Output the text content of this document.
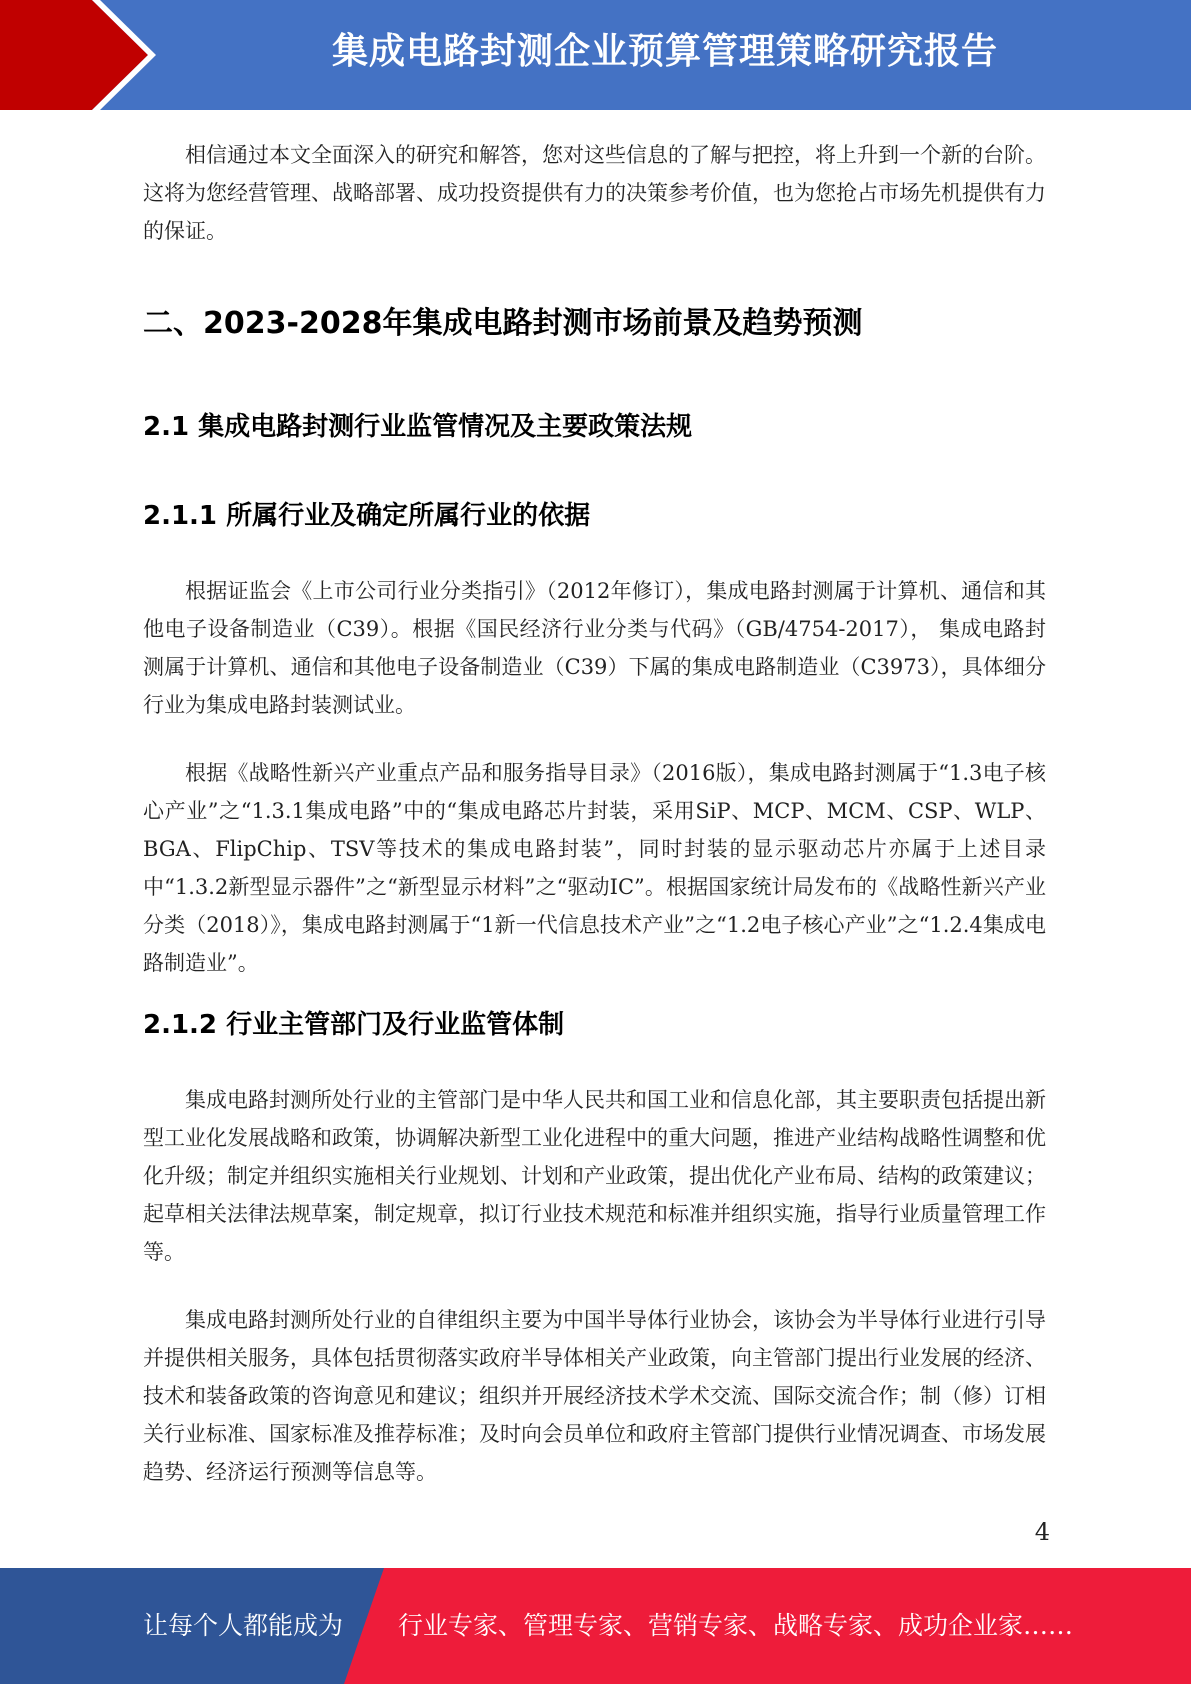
集成电路封测企业预算管理策略研究报告

相信通过本文全面深入的研究和解答，您对这些信息的了解与把控，将上升到一个新的台阶。这将为您经营管理、战略部署、成功投资提供有力的决策参考价值，也为您抢占市场先机提供有力的保证。

二、2023-2028年集成电路封测市场前景及趋势预测
2.1 集成电路封测行业监管情况及主要政策法规
2.1.1 所属行业及确定所属行业的依据

根据证监会《上市公司行业分类指引》（2012年修订），集成电路封测属于计算机、通信和其他电子设备制造业（C39）。根据《国民经济行业分类与代码》（GB/4754-2017）， 集成电路封测属于计算机、通信和其他电子设备制造业（C39）下属的集成电路制造业（C3973），具体细分行业为集成电路封装测试业。

根据《战略性新兴产业重点产品和服务指导目录》（2016版），集成电路封测属于“1.3电子核心产业”之“1.3.1集成电路”中的“集成电路芯片封装，采用SiP、MCP、MCM、CSP、WLP、BGA、FlipChip、TSV等技术的集成电路封装”，同时封装的显示驱动芯片亦属于上述目录中“1.3.2新型显示器件”之“新型显示材料”之“驱动IC”。根据国家统计局发布的《战略性新兴产业分类（2018）》，集成电路封测属于“1新一代信息技术产业”之“1.2电子核心产业”之“1.2.4集成电路制造业”。

2.1.2 行业主管部门及行业监管体制

集成电路封测所处行业的主管部门是中华人民共和国工业和信息化部，其主要职责包括提出新型工业化发展战略和政策，协调解决新型工业化进程中的重大问题，推进产业结构战略性调整和优化升级；制定并组织实施相关行业规划、计划和产业政策，提出优化产业布局、结构的政策建议；起草相关法律法规草案，制定规章，拟订行业技术规范和标准并组织实施，指导行业质量管理工作等。

集成电路封测所处行业的自律组织主要为中国半导体行业协会，该协会为半导体行业进行引导并提供相关服务，具体包括贯彻落实政府半导体相关产业政策，向主管部门提出行业发展的经济、技术和装备政策的咨询意见和建议；组织并开展经济技术学术交流、国际交流合作；制（修）订相关行业标准、国家标准及推荐标准；及时向会员单位和政府主管部门提供行业情况调查、市场发展趋势、经济运行预测等信息等。

4
让每个人都能成为 行业专家、管理专家、营销专家、战略专家、成功企业家……
